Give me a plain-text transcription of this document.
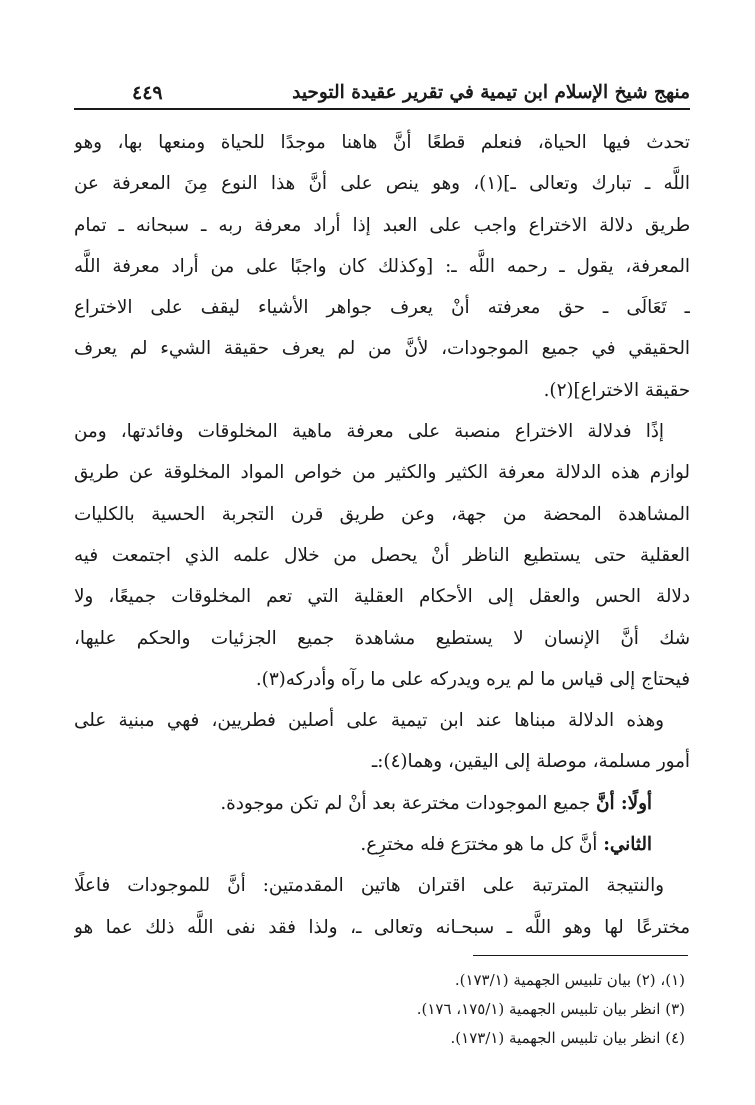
منهج شيخ الإسلام ابن تيمية في تقرير عقيدة التوحيد
٤٤٩
تحدث فيها الحياة، فنعلم قطعًا أنَّ هاهنا موجدًا للحياة ومنعها بها، وهو
اللَّه ـ تبارك وتعالى ـ](١)، وهو ينص على أنَّ هذا النوع مِنَ المعرفة عن
طريق دلالة الاختراع واجب على العبد إذا أراد معرفة ربه ـ سبحانه ـ تمام
المعرفة، يقول ـ رحمه اللَّه ـ: [وكذلك كان واجبًا على من أراد معرفة اللَّه
ـ تَعَالَى ـ حق معرفته أنْ يعرف جواهر الأشياء ليقف على الاختراع
الحقيقي في جميع الموجودات، لأنَّ من لم يعرف حقيقة الشيء لم يعرف
حقيقة الاختراع](٢).
إذًا فدلالة الاختراع منصبة على معرفة ماهية المخلوقات وفائدتها، ومن
لوازم هذه الدلالة معرفة الكثير والكثير من خواص المواد المخلوقة عن طريق
المشاهدة المحضة من جهة، وعن طريق قرن التجربة الحسية بالكليات
العقلية حتى يستطيع الناظر أنْ يحصل من خلال علمه الذي اجتمعت فيه
دلالة الحس والعقل إلى الأحكام العقلية التي تعم المخلوقات جميعًا، ولا
شك أنَّ الإنسان لا يستطيع مشاهدة جميع الجزئيات والحكم عليها،
فيحتاج إلى قياس ما لم يره ويدركه على ما رآه وأدركه(٣).
وهذه الدلالة مبناها عند ابن تيمية على أصلين فطريين، فهي مبنية على
أمور مسلمة، موصلة إلى اليقين، وهما(٤):ـ
أولًا: أنَّ جميع الموجودات مخترعة بعد أنْ لم تكن موجودة.
الثاني: أنَّ كل ما هو مخترَع فله مخترِع.
والنتيجة المترتبة على اقتران هاتين المقدمتين: أنَّ للموجودات فاعلًا
مخترعًا لها وهو اللَّه ـ سبحـانه وتعالى ـ، ولذا فقد نفى اللَّه ذلك عما هو
(١)، (٢) بيان تلبيس الجهمية (١٧٣/١).
(٣) انظر بيان تلبيس الجهمية (١٧٥/١، ١٧٦).
(٤) انظر بيان تلبيس الجهمية (١٧٣/١).
